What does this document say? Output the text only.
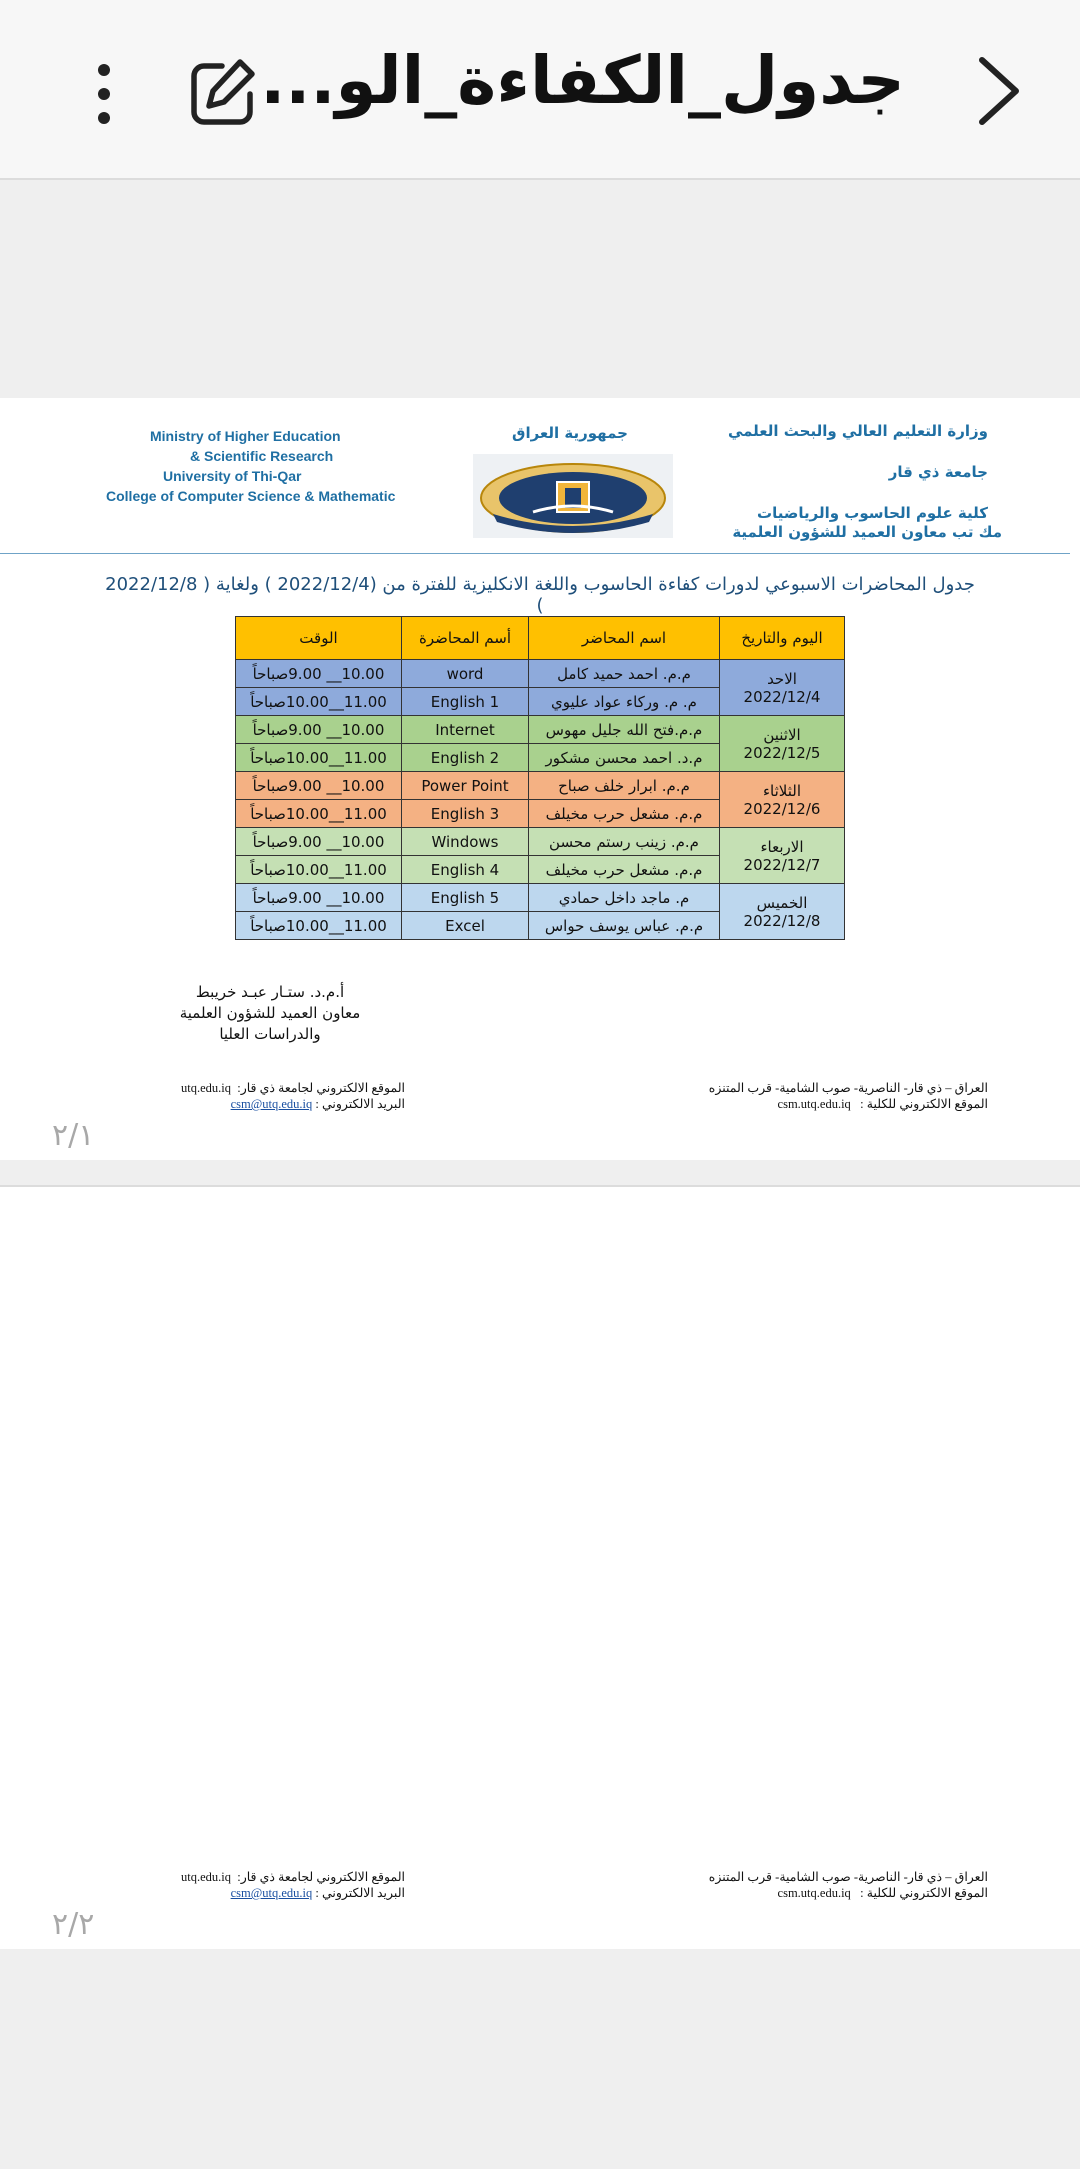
جدول_الكفاءة_الو...
وزارة التعليم العالي والبحث العلمي
جامعة ذي قار
كلية علوم الحاسوب والرياضيات
مك تب معاون العميد للشؤون العلمية
جمهورية العراق
Ministry of Higher Education
& Scientific Research
University of Thi-Qar
College of Computer Science & Mathematic
جدول المحاضرات الاسبوعي لدورات كفاءة الحاسوب واللغة الانكليزية للفترة من (2022/12/4 ) ولغاية ( 2022/12/8 )
اليوم والتاريخ	اسم المحاضر	أسم المحاضرة	الوقت

الاحد
2022/12/4	م.م. احمد حميد كامل	word	10.00__ 9.00صباحاً
	م. م. وركاء عواد عليوي	English 1	11.00__10.00صباحاً

الاثنين
2022/12/5	م.م.فتح الله جليل مهوس	Internet	10.00__ 9.00صباحاً
	م.د. احمد محسن مشكور	English 2	11.00__10.00صباحاً

الثلاثاء
2022/12/6	م.م. ابرار خلف صباح	Power Point	10.00__ 9.00صباحاً
	م.م. مشعل حرب مخيلف	English 3	11.00__10.00صباحاً

الاربعاء
2022/12/7	م.م. زينب رستم محسن	Windows	10.00__ 9.00صباحاً
	م.م. مشعل حرب مخيلف	English 4	11.00__10.00صباحاً

الخميس
2022/12/8	م. ماجد داخل حمادي	English 5	10.00__ 9.00صباحاً
	م.م. عباس يوسف حواس	Excel	11.00__10.00صباحاً
أ.م.د. ستـار عبـد خريبط
معاون العميد للشؤون العلمية
والدراسات العليا
العراق – ذي قار- الناصرية- صوب الشامية- قرب المتنزه
الموقع الالكتروني للكلية :   csm.utq.edu.iq
الموقع الالكتروني لجامعة ذي قار:  utq.edu.iq
البريد الالكتروني : csm@utq.edu.iq
٢/١
العراق – ذي قار- الناصرية- صوب الشامية- قرب المتنزه
الموقع الالكتروني للكلية :   csm.utq.edu.iq
الموقع الالكتروني لجامعة ذي قار:  utq.edu.iq
البريد الالكتروني : csm@utq.edu.iq
٢/٢
